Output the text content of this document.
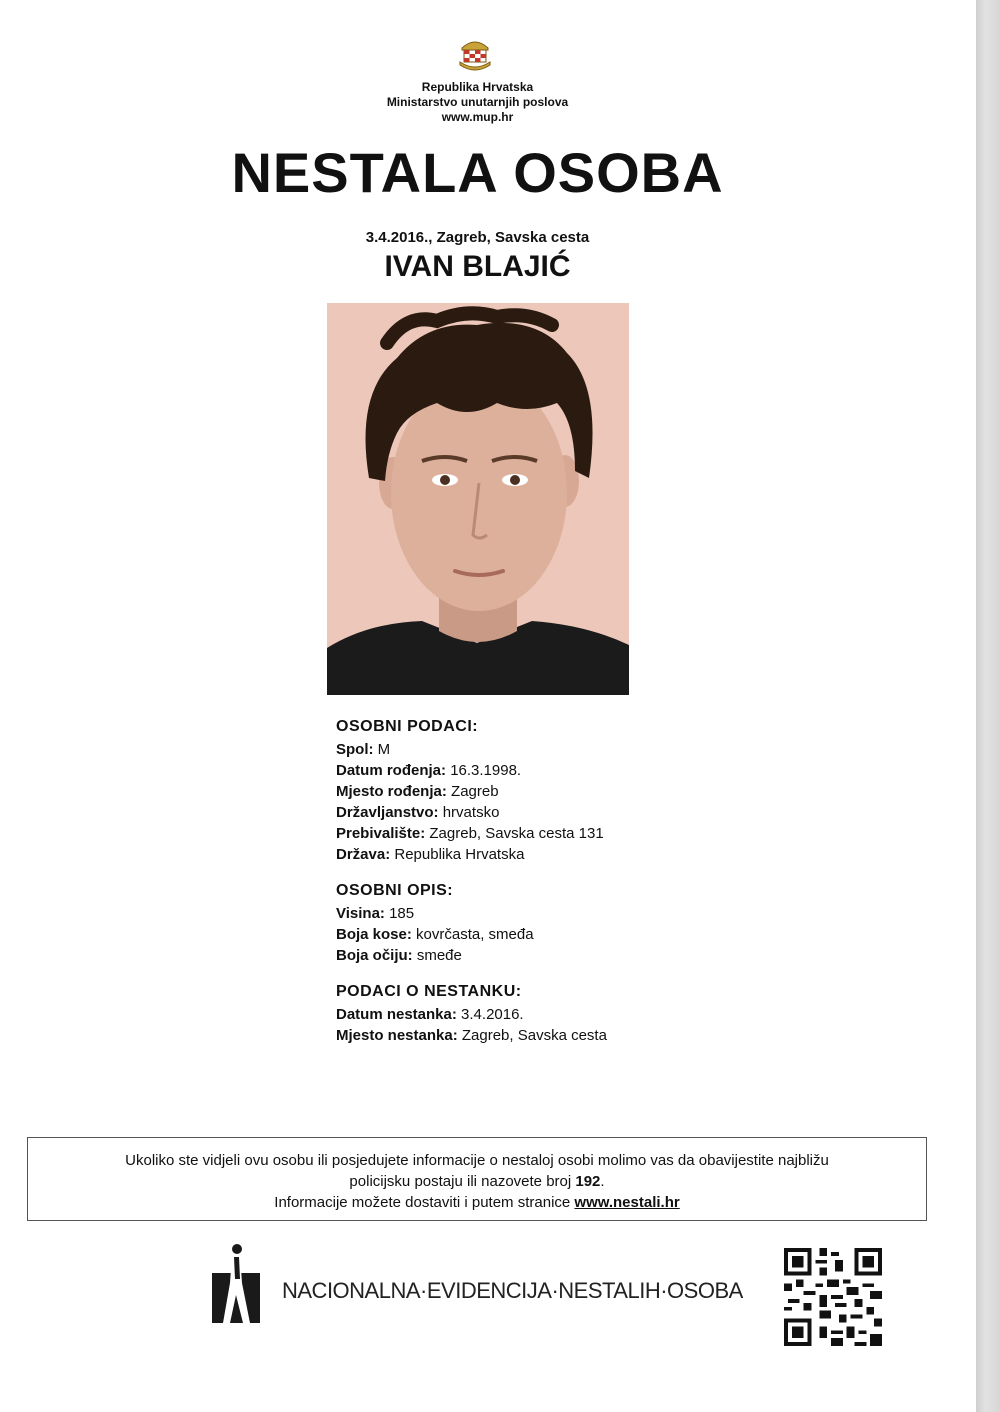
Republika Hrvatska
Ministarstvo unutarnjih poslova
www.mup.hr
NESTALA OSOBA
3.4.2016., Zagreb, Savska cesta
IVAN BLAJIĆ
OSOBNI PODACI:
Spol: M
Datum rođenja: 16.3.1998.
Mjesto rođenja: Zagreb
Državljanstvo: hrvatsko
Prebivalište: Zagreb, Savska cesta 131
Država: Republika Hrvatska
OSOBNI OPIS:
Visina: 185
Boja kose: kovrčasta, smeđa
Boja očiju: smeđe
PODACI O NESTANKU:
Datum nestanka: 3.4.2016.
Mjesto nestanka: Zagreb, Savska cesta
Ukoliko ste vidjeli ovu osobu ili posjedujete informacije o nestaloj osobi molimo vas da obavijestite najbližu
policijsku postaju ili nazovete broj 192.
Informacije možete dostaviti i putem stranice www.nestali.hr
NACIONALNA·EVIDENCIJA·NESTALIH·OSOBA
